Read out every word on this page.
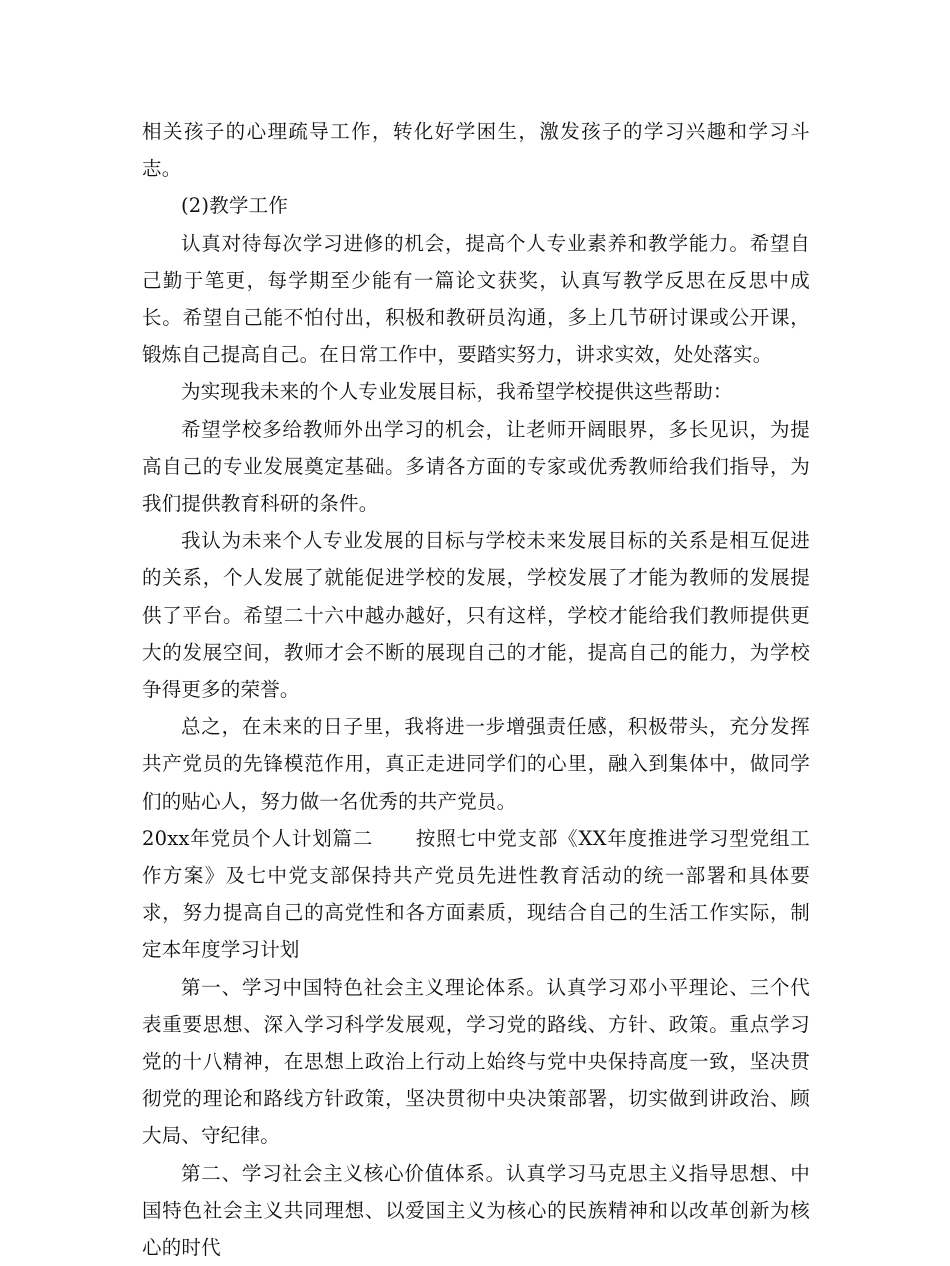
相关孩子的心理疏导工作，转化好学困生，激发孩子的学习兴趣和学习斗志。

(2)教学工作

认真对待每次学习进修的机会，提高个人专业素养和教学能力。希望自己勤于笔更，每学期至少能有一篇论文获奖，认真写教学反思在反思中成长。希望自己能不怕付出，积极和教研员沟通，多上几节研讨课或公开课，锻炼自己提高自己。在日常工作中，要踏实努力，讲求实效，处处落实。

为实现我未来的个人专业发展目标，我希望学校提供这些帮助：

希望学校多给教师外出学习的机会，让老师开阔眼界，多长见识，为提高自己的专业发展奠定基础。多请各方面的专家或优秀教师给我们指导，为我们提供教育科研的条件。

我认为未来个人专业发展的目标与学校未来发展目标的关系是相互促进的关系，个人发展了就能促进学校的发展，学校发展了才能为教师的发展提供了平台。希望二十六中越办越好，只有这样，学校才能给我们教师提供更大的发展空间，教师才会不断的展现自己的才能，提高自己的能力，为学校争得更多的荣誉。

总之，在未来的日子里，我将进一步增强责任感，积极带头，充分发挥共产党员的先锋模范作用，真正走进同学们的心里，融入到集体中，做同学们的贴心人，努力做一名优秀的共产党员。

20xx年党员个人计划篇二 按照七中党支部《XX年度推进学习型党组工作方案》及七中党支部保持共产党员先进性教育活动的统一部署和具体要求，努力提高自己的高党性和各方面素质，现结合自己的生活工作实际，制定本年度学习计划

第一、学习中国特色社会主义理论体系。认真学习邓小平理论、三个代表重要思想、深入学习科学发展观，学习党的路线、方针、政策。重点学习党的十八精神，在思想上政治上行动上始终与党中央保持高度一致，坚决贯彻党的理论和路线方针政策，坚决贯彻中央决策部署，切实做到讲政治、顾大局、守纪律。

第二、学习社会主义核心价值体系。认真学习马克思主义指导思想、中国特色社会主义共同理想、以爱国主义为核心的民族精神和以改革创新为核心的时代
